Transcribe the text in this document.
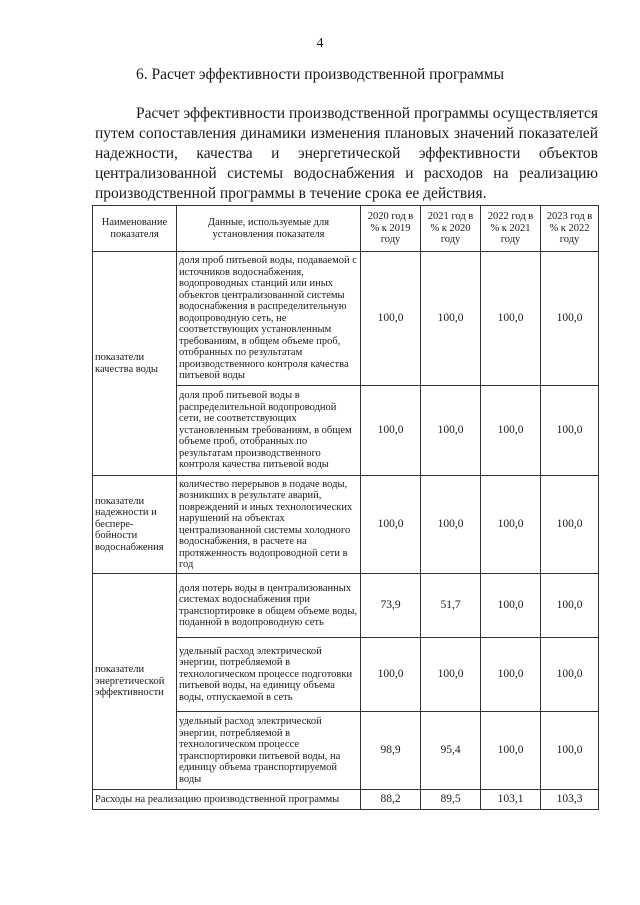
4
6. Расчет эффективности производственной программы

Расчет эффективности производственной программы осуществляется
путем сопоставления динамики изменения плановых значений показателей
надежности, качества и энергетической эффективности объектов
централизованной системы водоснабжения и расходов на реализацию
производственной программы в течение срока ее действия.

Наименование показателя	Данные, используемые для установления показателя	2020 год в % к 2019 году	2021 год в % к 2020 году	2022 год в % к 2021 году	2023 год в % к 2022 году
показатели качества воды	доля проб питьевой воды, подаваемой с источников водоснабжения, водопроводных станций или иных объектов централизованной системы водоснабжения в распределительную водопроводную сеть, не соответствующих установленным требованиям, в общем объеме проб, отобранных по результатам производственного контроля качества питьевой воды	100,0	100,0	100,0	100,0
	доля проб питьевой воды в распределительной водопроводной сети, не соответствующих установленным требованиям, в общем объеме проб, отобранных по результатам производственного контроля качества питьевой воды	100,0	100,0	100,0	100,0
показатели надежности и беспере-бойности водоснабжения	количество перерывов в подаче воды, возникших в результате аварий, повреждений и иных технологических нарушений на объектах централизованной системы холодного водоснабжения, в расчете на протяженность водопроводной сети в год	100,0	100,0	100,0	100,0
показатели энергетической эффективности	доля потерь воды в централизованных системах водоснабжения при транспортировке в общем объеме воды, поданной в водопроводную сеть	73,9	51,7	100,0	100,0
	удельный расход электрической энергии, потребляемой в технологическом процессе подготовки питьевой воды, на единицу объема воды, отпускаемой в сеть	100,0	100,0	100,0	100,0
	удельный расход электрической энергии, потребляемой в технологическом процессе транспортировки питьевой воды, на единицу объема транспортируемой воды	98,9	95,4	100,0	100,0
Расходы на реализацию производственной программы		88,2	89,5	103,1	103,3
